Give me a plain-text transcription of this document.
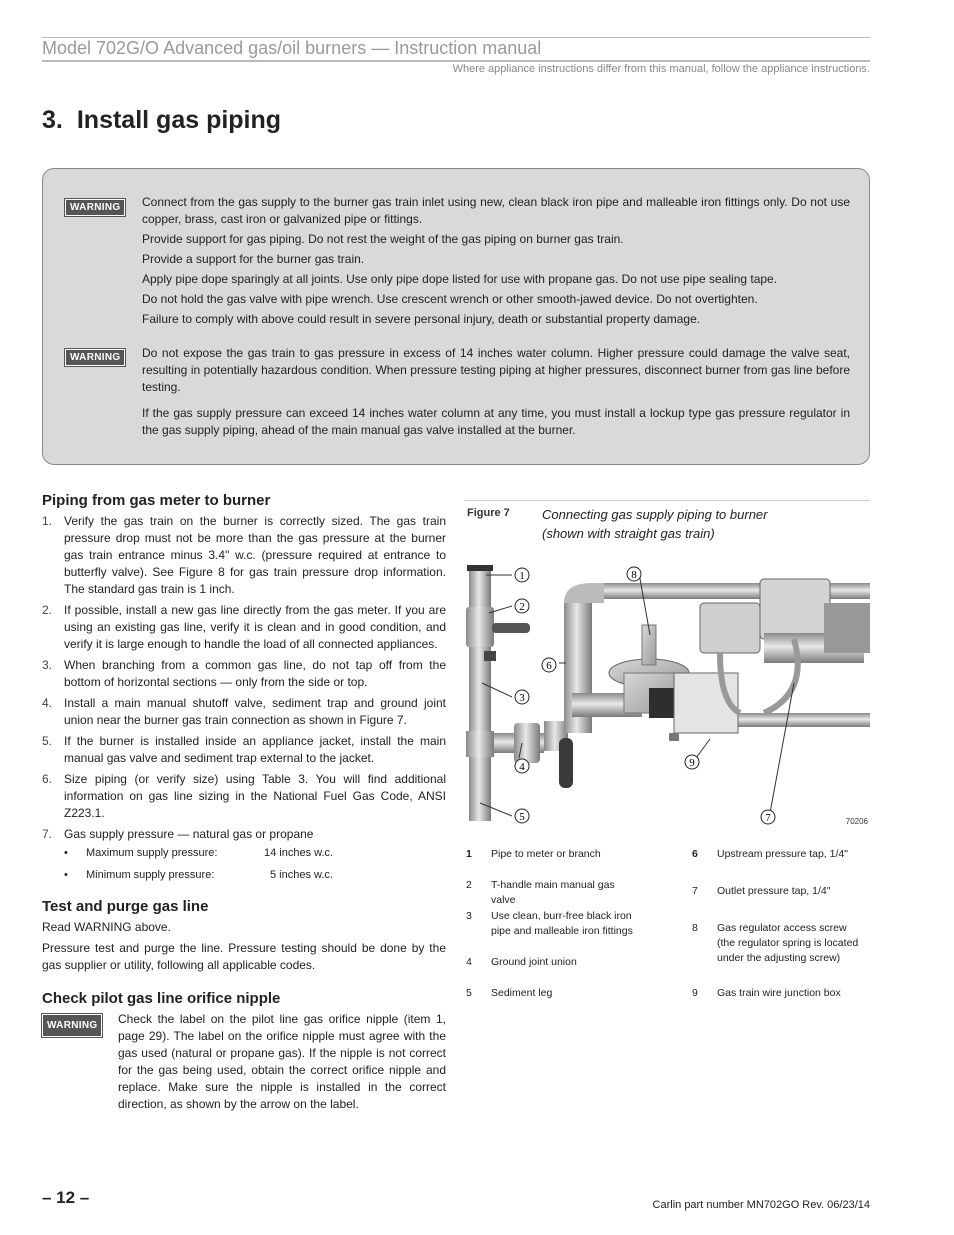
Model 702G/O Advanced gas/oil burners — Instruction manual
Where appliance instructions differ from this manual, follow the appliance instructions.
3. Install gas piping
WARNING	Connect from the gas supply to the burner gas train inlet using new, clean black iron pipe and malleable iron fittings only. Do not use copper, brass, cast iron or galvanized pipe or fittings.

Provide support for gas piping. Do not rest the weight of the gas piping on burner gas train.

Provide a support for the burner gas train.

Apply pipe dope sparingly at all joints. Use only pipe dope listed for use with propane gas. Do not use pipe sealing tape.

Do not hold the gas valve with pipe wrench. Use crescent wrench or other smooth-jawed device. Do not overtighten.

Failure to comply with above could result in severe personal injury, death or substantial property damage.

WARNING	Do not expose the gas train to gas pressure in excess of 14 inches water column. Higher pressure could damage the valve seat, resulting in potentially hazardous condition. When pressure testing piping at higher pressures, disconnect burner from gas line before testing.

If the gas supply pressure can exceed 14 inches water column at any time, you must install a lockup type gas pressure regulator in the gas supply piping, ahead of the main manual gas valve installed at the burner.

Piping from gas meter to burner
1. Verify the gas train on the burner is correctly sized. The gas train pressure drop must not be more than the gas pressure at the burner gas train entrance minus 3.4" w.c. (pressure required at entrance to butterfly valve). See Figure 8 for gas train pressure drop information. The standard gas train is 1 inch.
2. If possible, install a new gas line directly from the gas meter. If you are using an existing gas line, verify it is clean and in good condition, and verify it is large enough to handle the load of all connected appliances.
3. When branching from a common gas line, do not tap off from the bottom of horizontal sections — only from the side or top.
4. Install a main manual shutoff valve, sediment trap and ground joint union near the burner gas train connection as shown in Figure 7.
5. If the burner is installed inside an appliance jacket, install the main manual gas valve and sediment trap external to the jacket.
6. Size piping (or verify size) using Table 3. You will find additional information on gas line sizing in the National Fuel Gas Code, ANSI Z223.1.
7. Gas supply pressure — natural gas or propane
• Maximum supply pressure:	14 inches w.c.
• Minimum supply pressure:	5 inches w.c.
Test and purge gas line

Read WARNING above.

Pressure test and purge the line. Pressure testing should be done by the gas supplier or utility, following all applicable codes.

Check pilot gas line orifice nipple
WARNING	Check the label on the pilot line gas orifice nipple (item 1, page 29). The label on the orifice nipple must agree with the gas used (natural or propane gas). If the nipple is not correct for the gas being used, obtain the correct orifice nipple and replace. Make sure the nipple is installed in the correct direction, as shown by the arrow on the label.

Figure 7 Connecting gas supply piping to burner
(shown with straight gas train)
1
2
3
4
5
6
7
8
9
70206
1 Pipe to meter or branch
2 T-handle main manual gas valve
3 Use clean, burr-free black iron pipe and malleable iron fittings
4 Ground joint union
5 Sediment leg
6 Upstream pressure tap, 1/4"
7 Outlet pressure tap, 1/4"
8 Gas regulator access screw (the regulator spring is located under the adjusting screw)
9 Gas train wire junction box
– 12 –	Carlin part number MN702GO Rev. 06/23/14
